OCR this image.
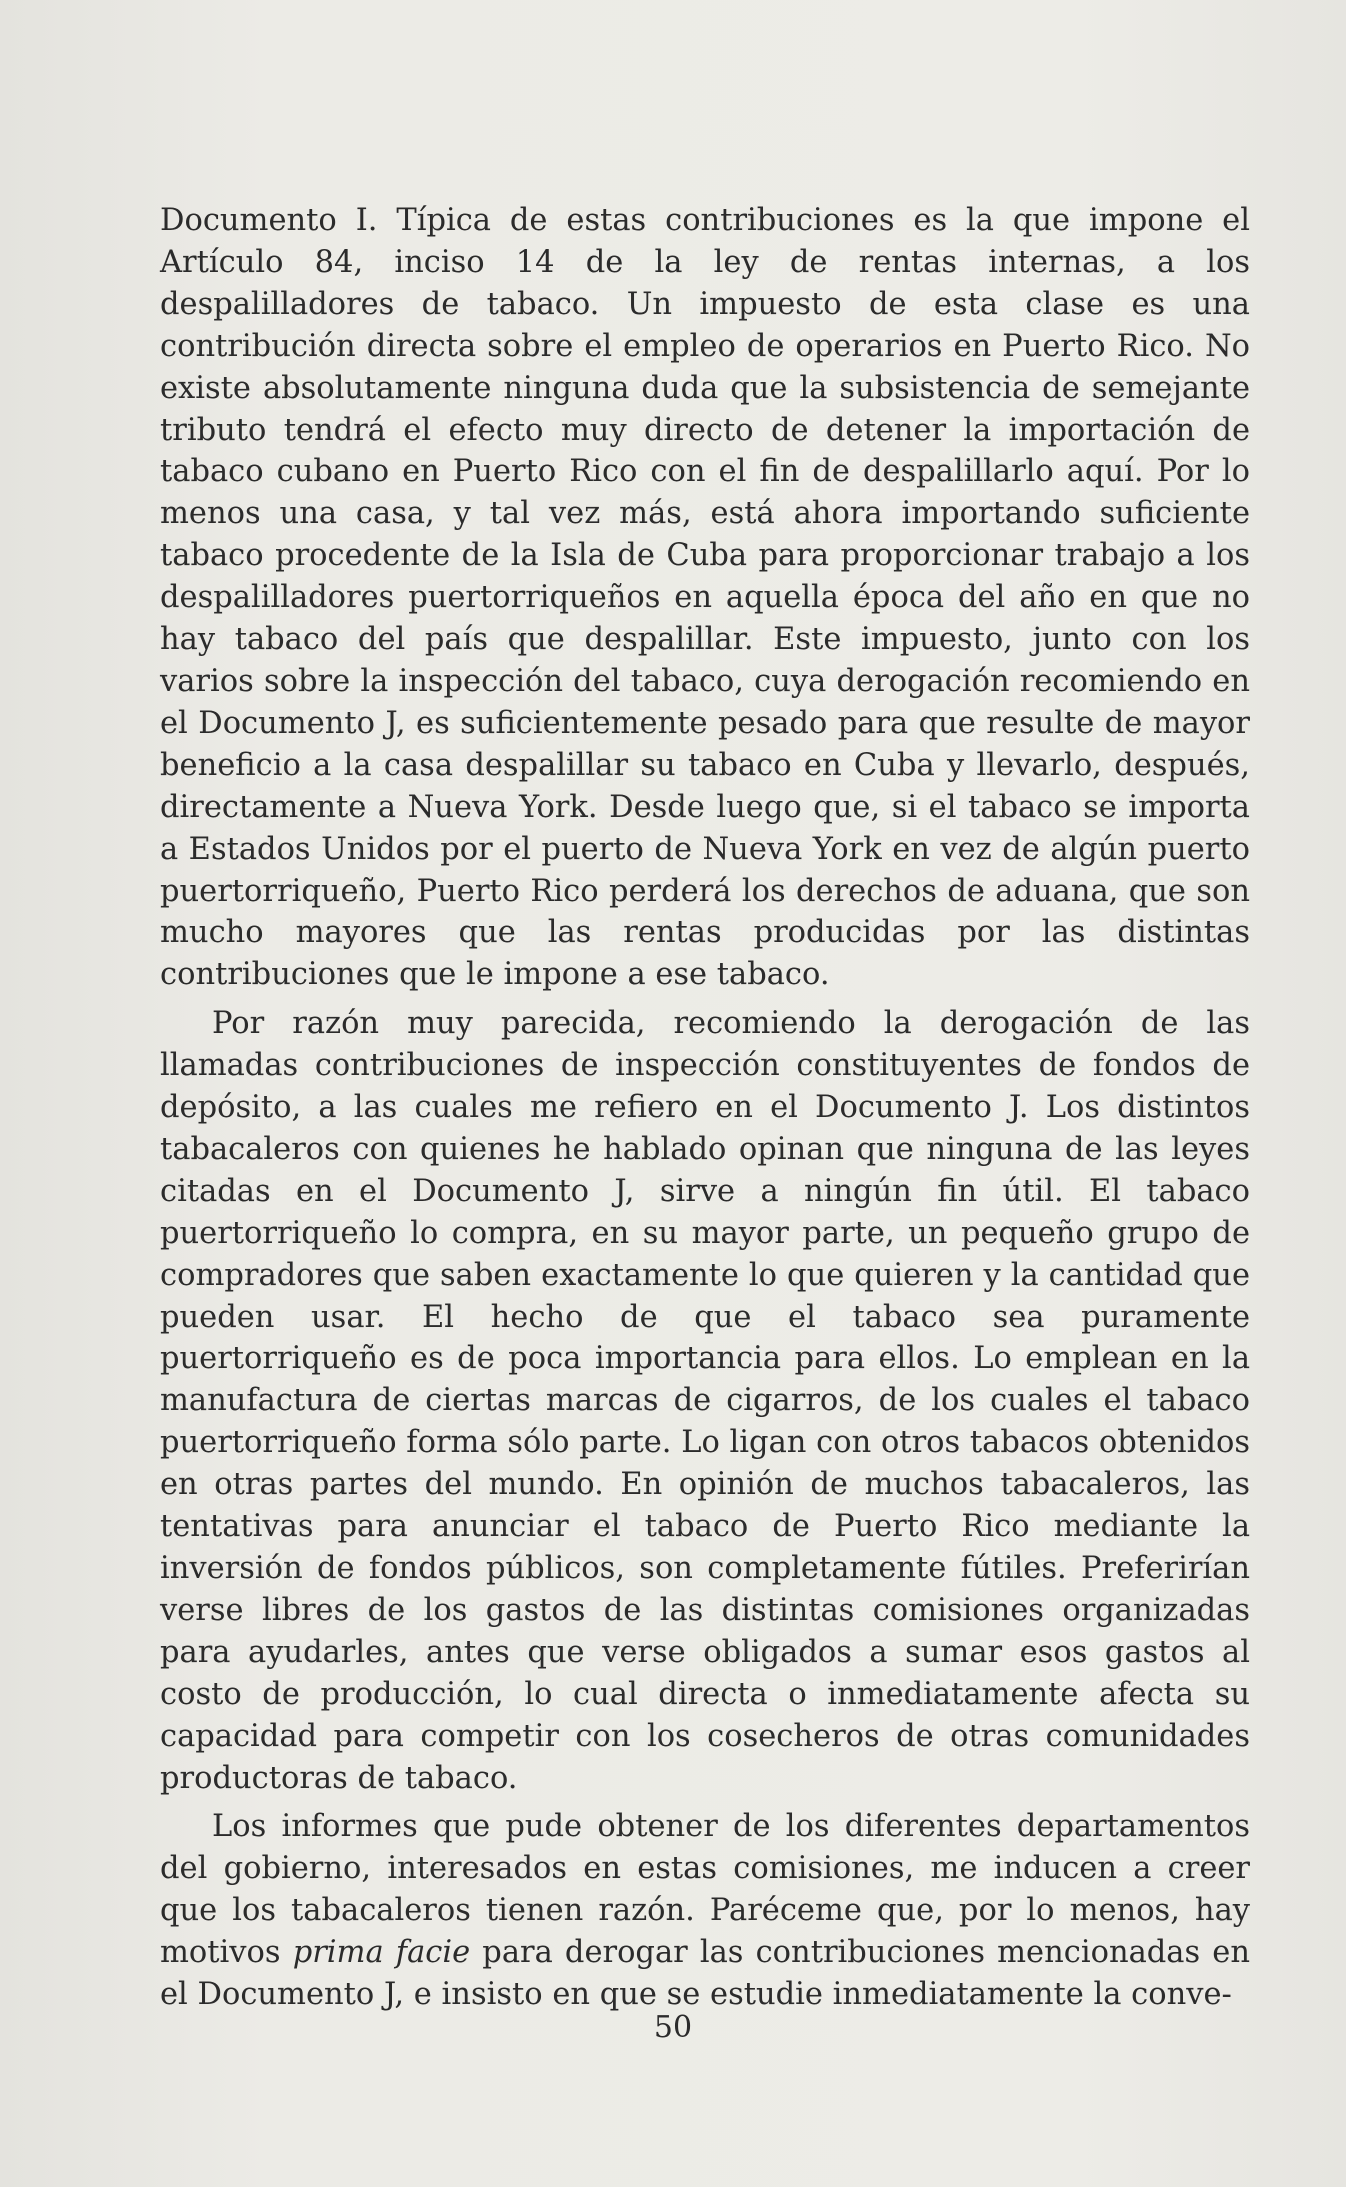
Documento I. Típica de estas contribuciones es la que impone el Artículo 84, inciso 14 de la ley de rentas internas, a los despalilladores de tabaco. Un impuesto de esta clase es una contribución directa sobre el empleo de operarios en Puerto Rico. No existe absolutamente ninguna duda que la subsistencia de semejante tributo tendrá el efecto muy directo de detener la importación de tabaco cubano en Puerto Rico con el fin de despalillarlo aquí. Por lo menos una casa, y tal vez más, está ahora importando suficiente tabaco procedente de la Isla de Cuba para proporcionar trabajo a los despalilladores puertorriqueños en aquella época del año en que no hay tabaco del país que despalillar. Este impuesto, junto con los varios sobre la inspección del tabaco, cuya derogación recomiendo en el Documento J, es suficientemente pesado para que resulte de mayor beneficio a la casa despalillar su tabaco en Cuba y llevarlo, después, directamente a Nueva York. Desde luego que, si el tabaco se importa a Estados Unidos por el puerto de Nueva York en vez de algún puerto puertorriqueño, Puerto Rico perderá los derechos de aduana, que son mucho mayores que las rentas producidas por las distintas contribuciones que le impone a ese tabaco.

Por razón muy parecida, recomiendo la derogación de las llamadas contribuciones de inspección constituyentes de fondos de depósito, a las cuales me refiero en el Documento J. Los distintos tabacaleros con quienes he hablado opinan que ninguna de las leyes citadas en el Documento J, sirve a ningún fin útil. El tabaco puertorriqueño lo compra, en su mayor parte, un pequeño grupo de compradores que saben exactamente lo que quieren y la cantidad que pueden usar. El hecho de que el tabaco sea puramente puertorriqueño es de poca importancia para ellos. Lo emplean en la manufactura de ciertas marcas de cigarros, de los cuales el tabaco puertorriqueño forma sólo parte. Lo ligan con otros tabacos obtenidos en otras partes del mundo. En opinión de muchos tabacaleros, las tentativas para anunciar el tabaco de Puerto Rico mediante la inversión de fondos públicos, son completamente fútiles. Preferirían verse libres de los gastos de las distintas comisiones organizadas para ayudarles, antes que verse obligados a sumar esos gastos al costo de producción, lo cual directa o inmediatamente afecta su capacidad para competir con los cosecheros de otras comunidades productoras de tabaco.

Los informes que pude obtener de los diferentes departamentos del gobierno, interesados en estas comisiones, me inducen a creer que los tabacaleros tienen razón. Paréceme que, por lo menos, hay motivos prima facie para derogar las contribuciones mencionadas en el Documento J, e insisto en que se estudie inmediatamente la conve-

50
